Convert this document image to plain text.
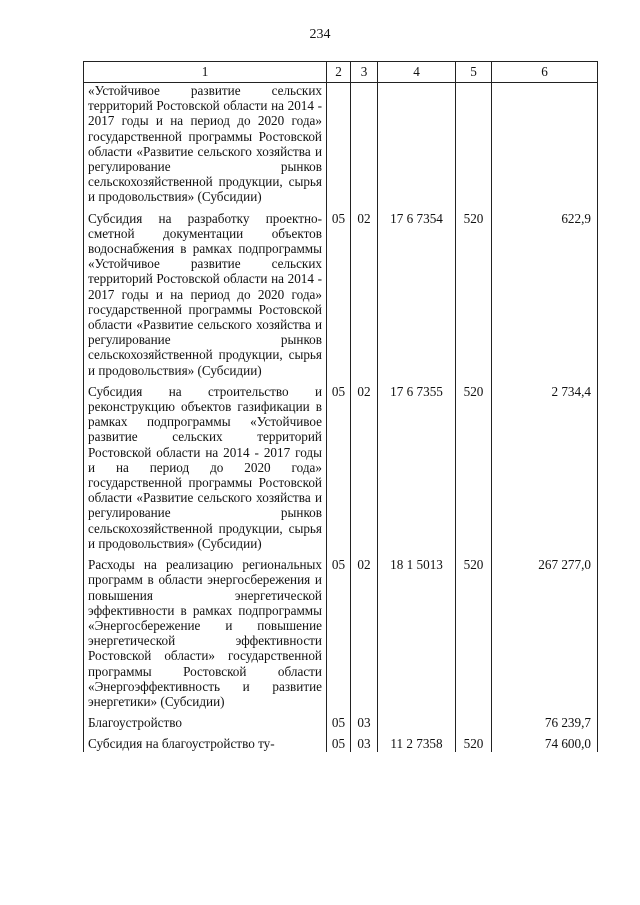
234
1	2	3	4	5	6
«Устойчивое развитие сельских территорий Ростовской области на 2014 - 2017 годы и на период до 2020 года» государственной программы Ростовской области «Развитие сельского хозяйства и регулирование рынков сельскохозяйственной продукции, сырья и продовольствия» (Субсидии)					
Субсидия на разработку проектно-сметной документации объектов водоснабжения в рамках подпрограммы «Устойчивое развитие сельских территорий Ростовской области на 2014 - 2017 годы и на период до 2020 года» государственной программы Ростовской области «Развитие сельского хозяйства и регулирование рынков сельскохозяйственной продукции, сырья и продовольствия» (Субсидии)	05	02	17 6 7354	520	622,9
Субсидия на строительство и реконструкцию объектов газификации в рамках подпрограммы «Устойчивое развитие сельских территорий Ростовской области на 2014 - 2017 годы и на период до 2020 года» государственной программы Ростовской области «Развитие сельского хозяйства и регулирование рынков сельскохозяйственной продукции, сырья и продовольствия» (Субсидии)	05	02	17 6 7355	520	2 734,4
Расходы на реализацию региональных программ в области энергосбережения и повышения энергетической эффективности в рамках подпрограммы «Энергосбережение и повышение энергетической эффективности Ростовской области» государственной программы Ростовской области «Энергоэффективность и развитие энергетики» (Субсидии)	05	02	18 1 5013	520	267 277,0
Благоустройство	05	03			76 239,7
Субсидия на благоустройство ту-	05	03	11 2 7358	520	74 600,0
